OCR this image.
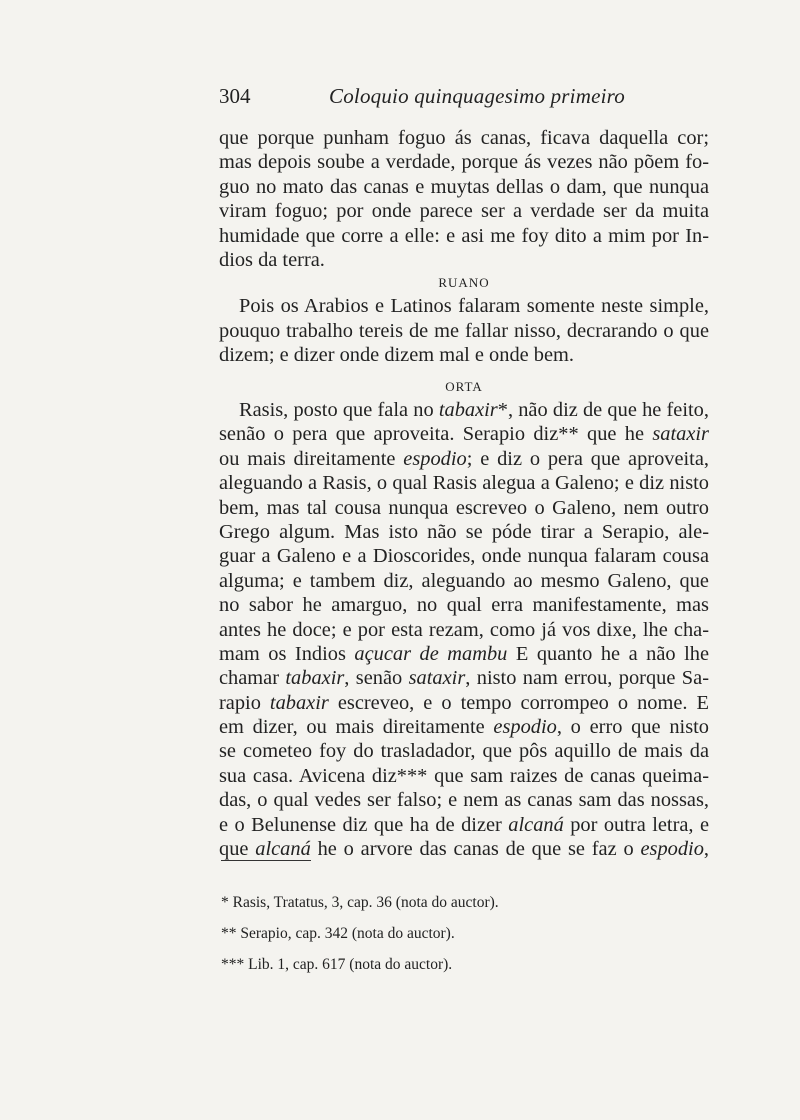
304	Coloquio quinquagesimo primeiro
que porque punham foguo ás canas, ficava daquella cor;
mas depois soube a verdade, porque ás vezes não põem fo-
guo no mato das canas e muytas dellas o dam, que nunqua
viram foguo; por onde parece ser a verdade ser da muita
humidade que corre a elle: e asi me foy dito a mim por In-
dios da terra.
RUANO
Pois os Arabios e Latinos falaram somente neste simple,
pouquo trabalho tereis de me fallar nisso, decrarando o que
dizem; e dizer onde dizem mal e onde bem.
ORTA
Rasis, posto que fala no tabaxir*, não diz de que he feito,
senão o pera que aproveita. Serapio diz** que he sataxir
ou mais direitamente espodio; e diz o pera que aproveita,
aleguando a Rasis, o qual Rasis alegua a Galeno; e diz nisto
bem, mas tal cousa nunqua escreveo o Galeno, nem outro
Grego algum. Mas isto não se póde tirar a Serapio, ale-
guar a Galeno e a Dioscorides, onde nunqua falaram cousa
alguma; e tambem diz, aleguando ao mesmo Galeno, que
no sabor he amarguo, no qual erra manifestamente, mas
antes he doce; e por esta rezam, como já vos dixe, lhe cha-
mam os Indios açucar de mambu E quanto he a não lhe
chamar tabaxir, senão sataxir, nisto nam errou, porque Sa-
rapio tabaxir escreveo, e o tempo corrompeo o nome. E
em dizer, ou mais direitamente espodio, o erro que nisto
se cometeo foy do trasladador, que pôs aquillo de mais da
sua casa. Avicena diz*** que sam raizes de canas queima-
das, o qual vedes ser falso; e nem as canas sam das nossas,
e o Belunense diz que ha de dizer alcaná por outra letra, e
que alcaná he o arvore das canas de que se faz o espodio,
* Rasis, Tratatus, 3, cap. 36 (nota do auctor).
** Serapio, cap. 342 (nota do auctor).
*** Lib. 1, cap. 617 (nota do auctor).
